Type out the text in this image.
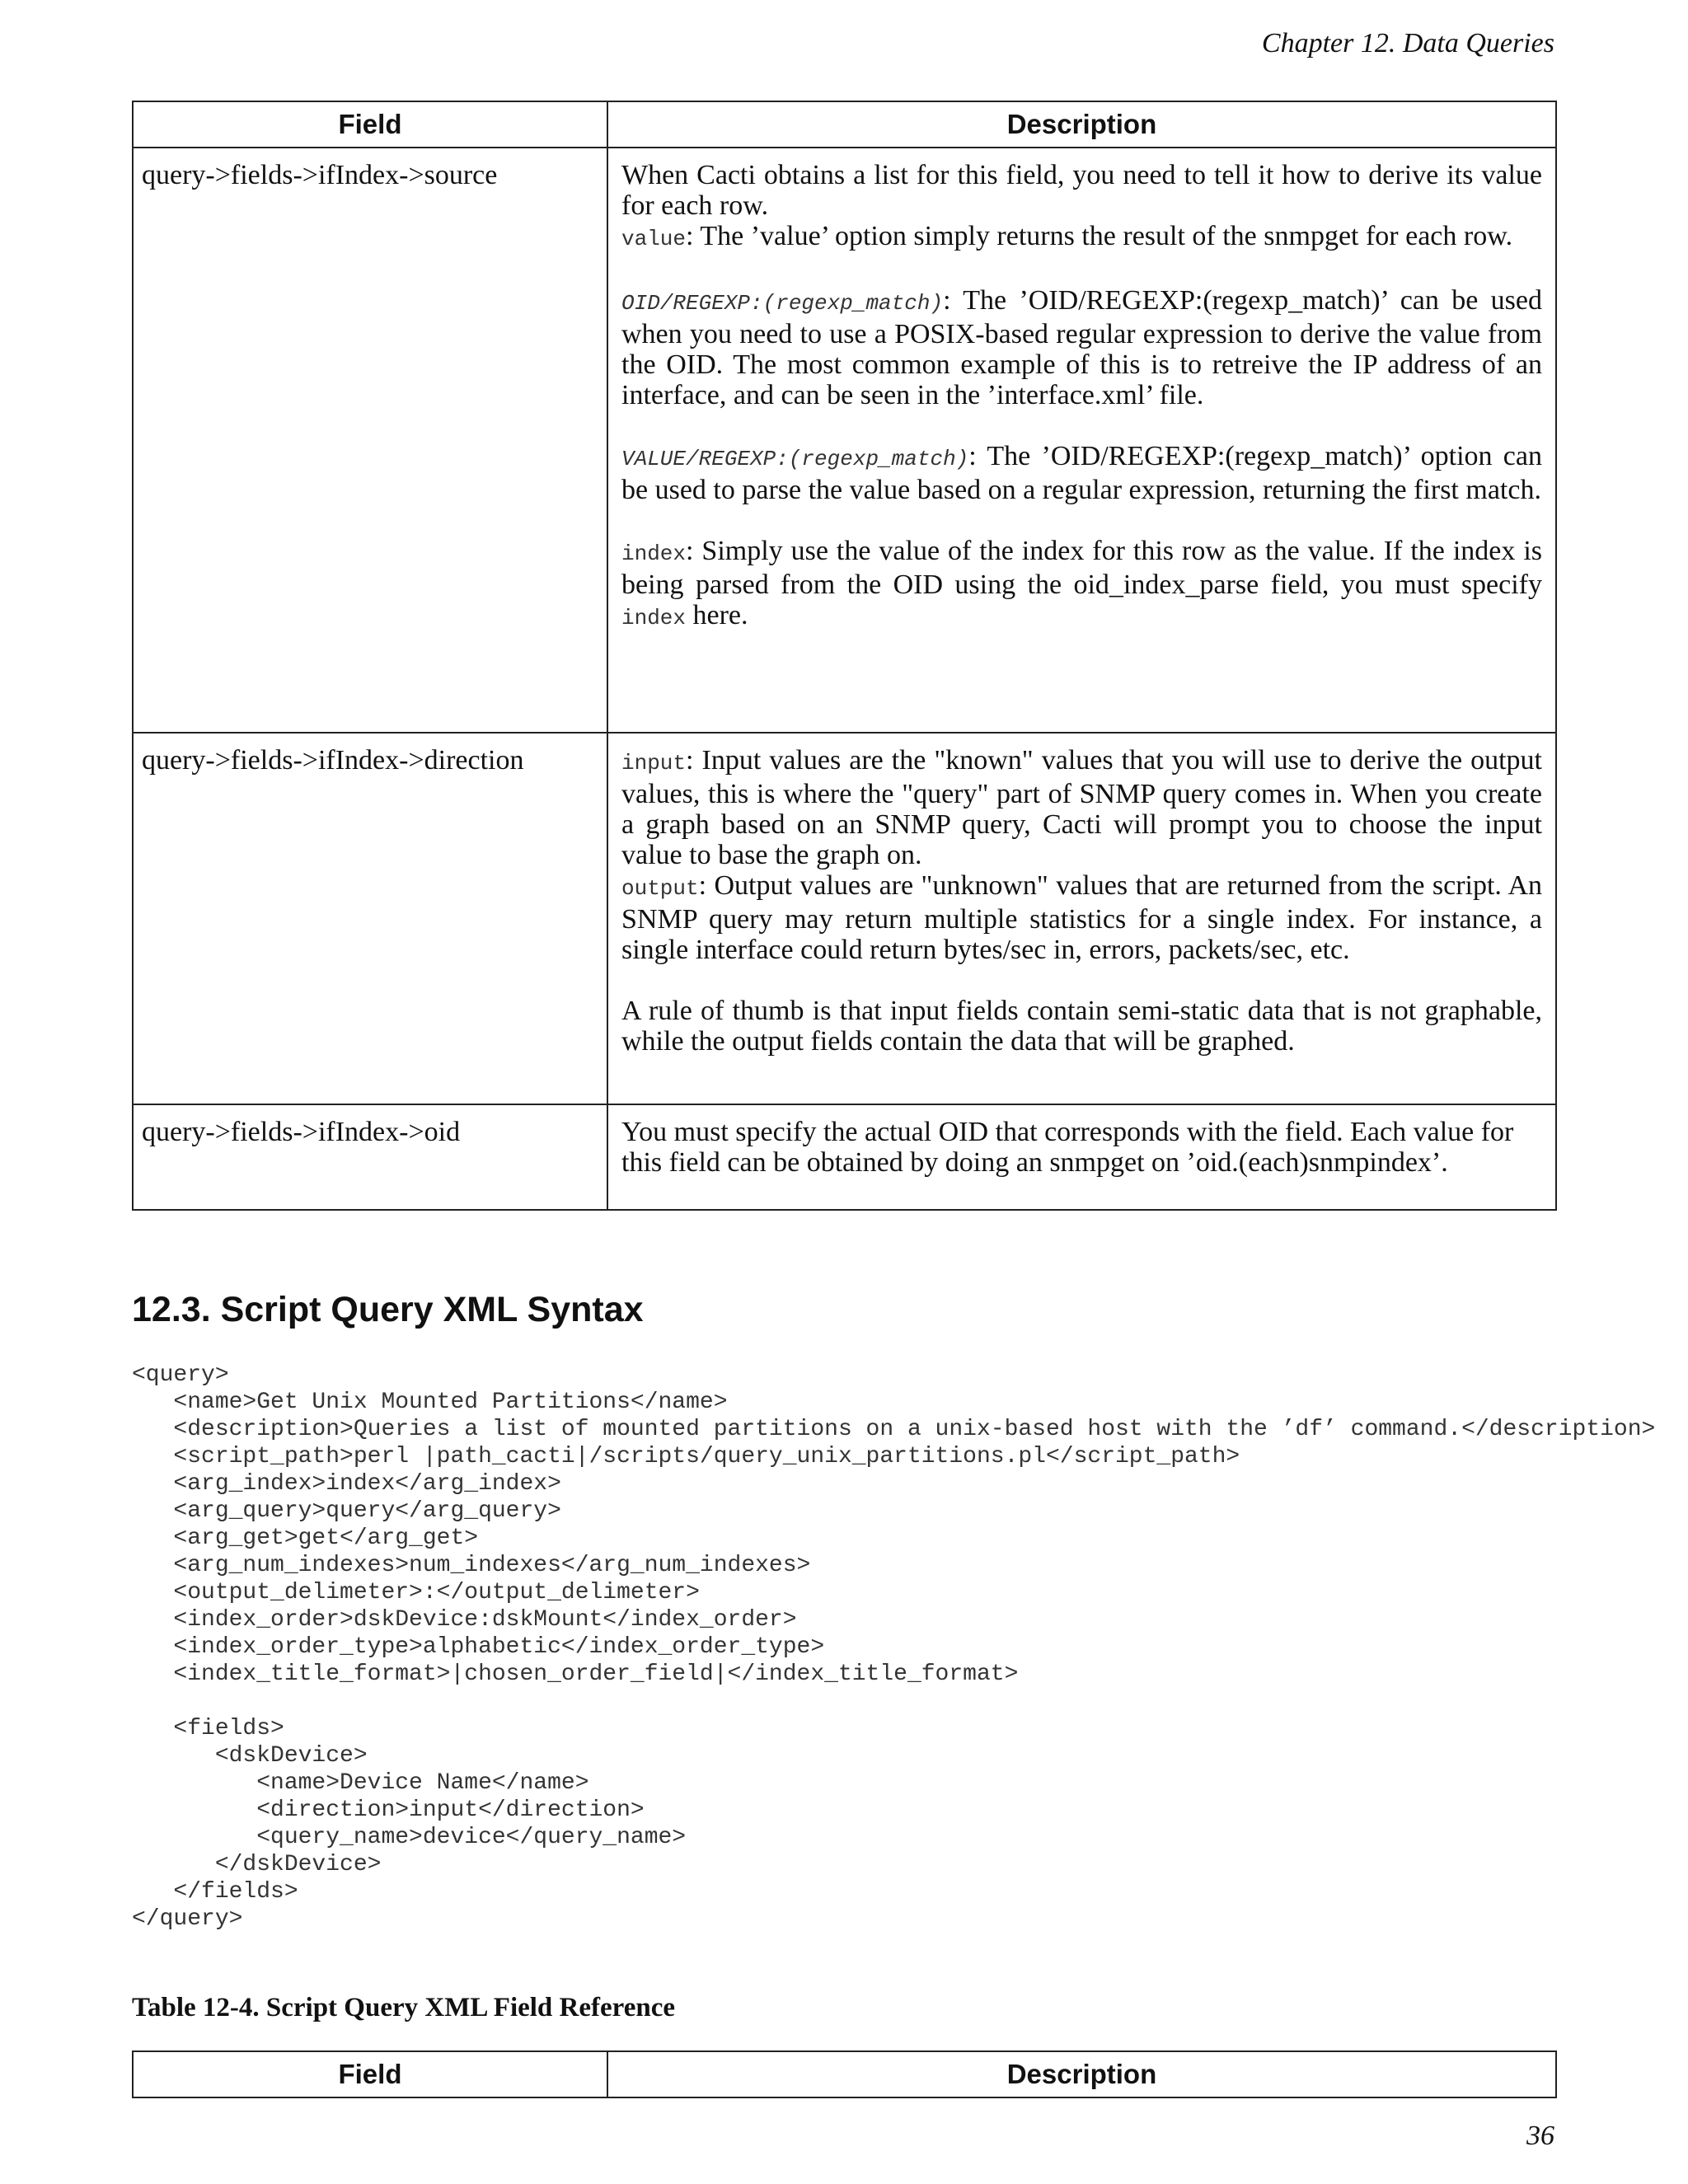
Chapter 12. Data Queries
Field	Description
query->fields->ifIndex->source	When Cacti obtains a list for this field, you need to tell it how to derive its value for each row.

value: The ’value’ option simply returns the result of the snmpget for each row.

OID/REGEXP:(regexp_match): The ’OID/REGEXP:(regexp_match)’ can be used when you need to use a POSIX-based regular expression to derive the value from the OID. The most common example of this is to retreive the IP address of an interface, and can be seen in the ’interface.xml’ file.

VALUE/REGEXP:(regexp_match): The ’OID/REGEXP:(regexp_match)’ option can be used to parse the value based on a regular expression, returning the first match.

index: Simply use the value of the index for this row as the value. If the index is being parsed from the OID using the oid_index_parse field, you must specify index here.

query->fields->ifIndex->direction	input: Input values are the "known" values that you will use to derive the output values, this is where the "query" part of SNMP query comes in. When you create a graph based on an SNMP query, Cacti will prompt you to choose the input value to base the graph on.

output: Output values are "unknown" values that are returned from the script. An SNMP query may return multiple statistics for a single index. For instance, a single interface could return bytes/sec in, errors, packets/sec, etc.

A rule of thumb is that input fields contain semi-static data that is not graphable, while the output fields contain the data that will be graphed.

query->fields->ifIndex->oid	You must specify the actual OID that corresponds with the field. Each value for this field can be obtained by doing an snmpget on ’oid.(each)snmpindex’.

12.3. Script Query XML Syntax
<query>
<name>Get Unix Mounted Partitions</name>
<description>Queries a list of mounted partitions on a unix-based host with the ’df’ command.</description>
<script_path>perl |path_cacti|/scripts/query_unix_partitions.pl</script_path>
<arg_index>index</arg_index>
<arg_query>query</arg_query>
<arg_get>get</arg_get>
<arg_num_indexes>num_indexes</arg_num_indexes>
<output_delimeter>:</output_delimeter>
<index_order>dskDevice:dskMount</index_order>
<index_order_type>alphabetic</index_order_type>
<index_title_format>|chosen_order_field|</index_title_format>

<fields>
<dskDevice>
<name>Device Name</name>
<direction>input</direction>
<query_name>device</query_name>
</dskDevice>
</fields>
</query>

Table 12-4. Script Query XML Field Reference

Field	Description
36
